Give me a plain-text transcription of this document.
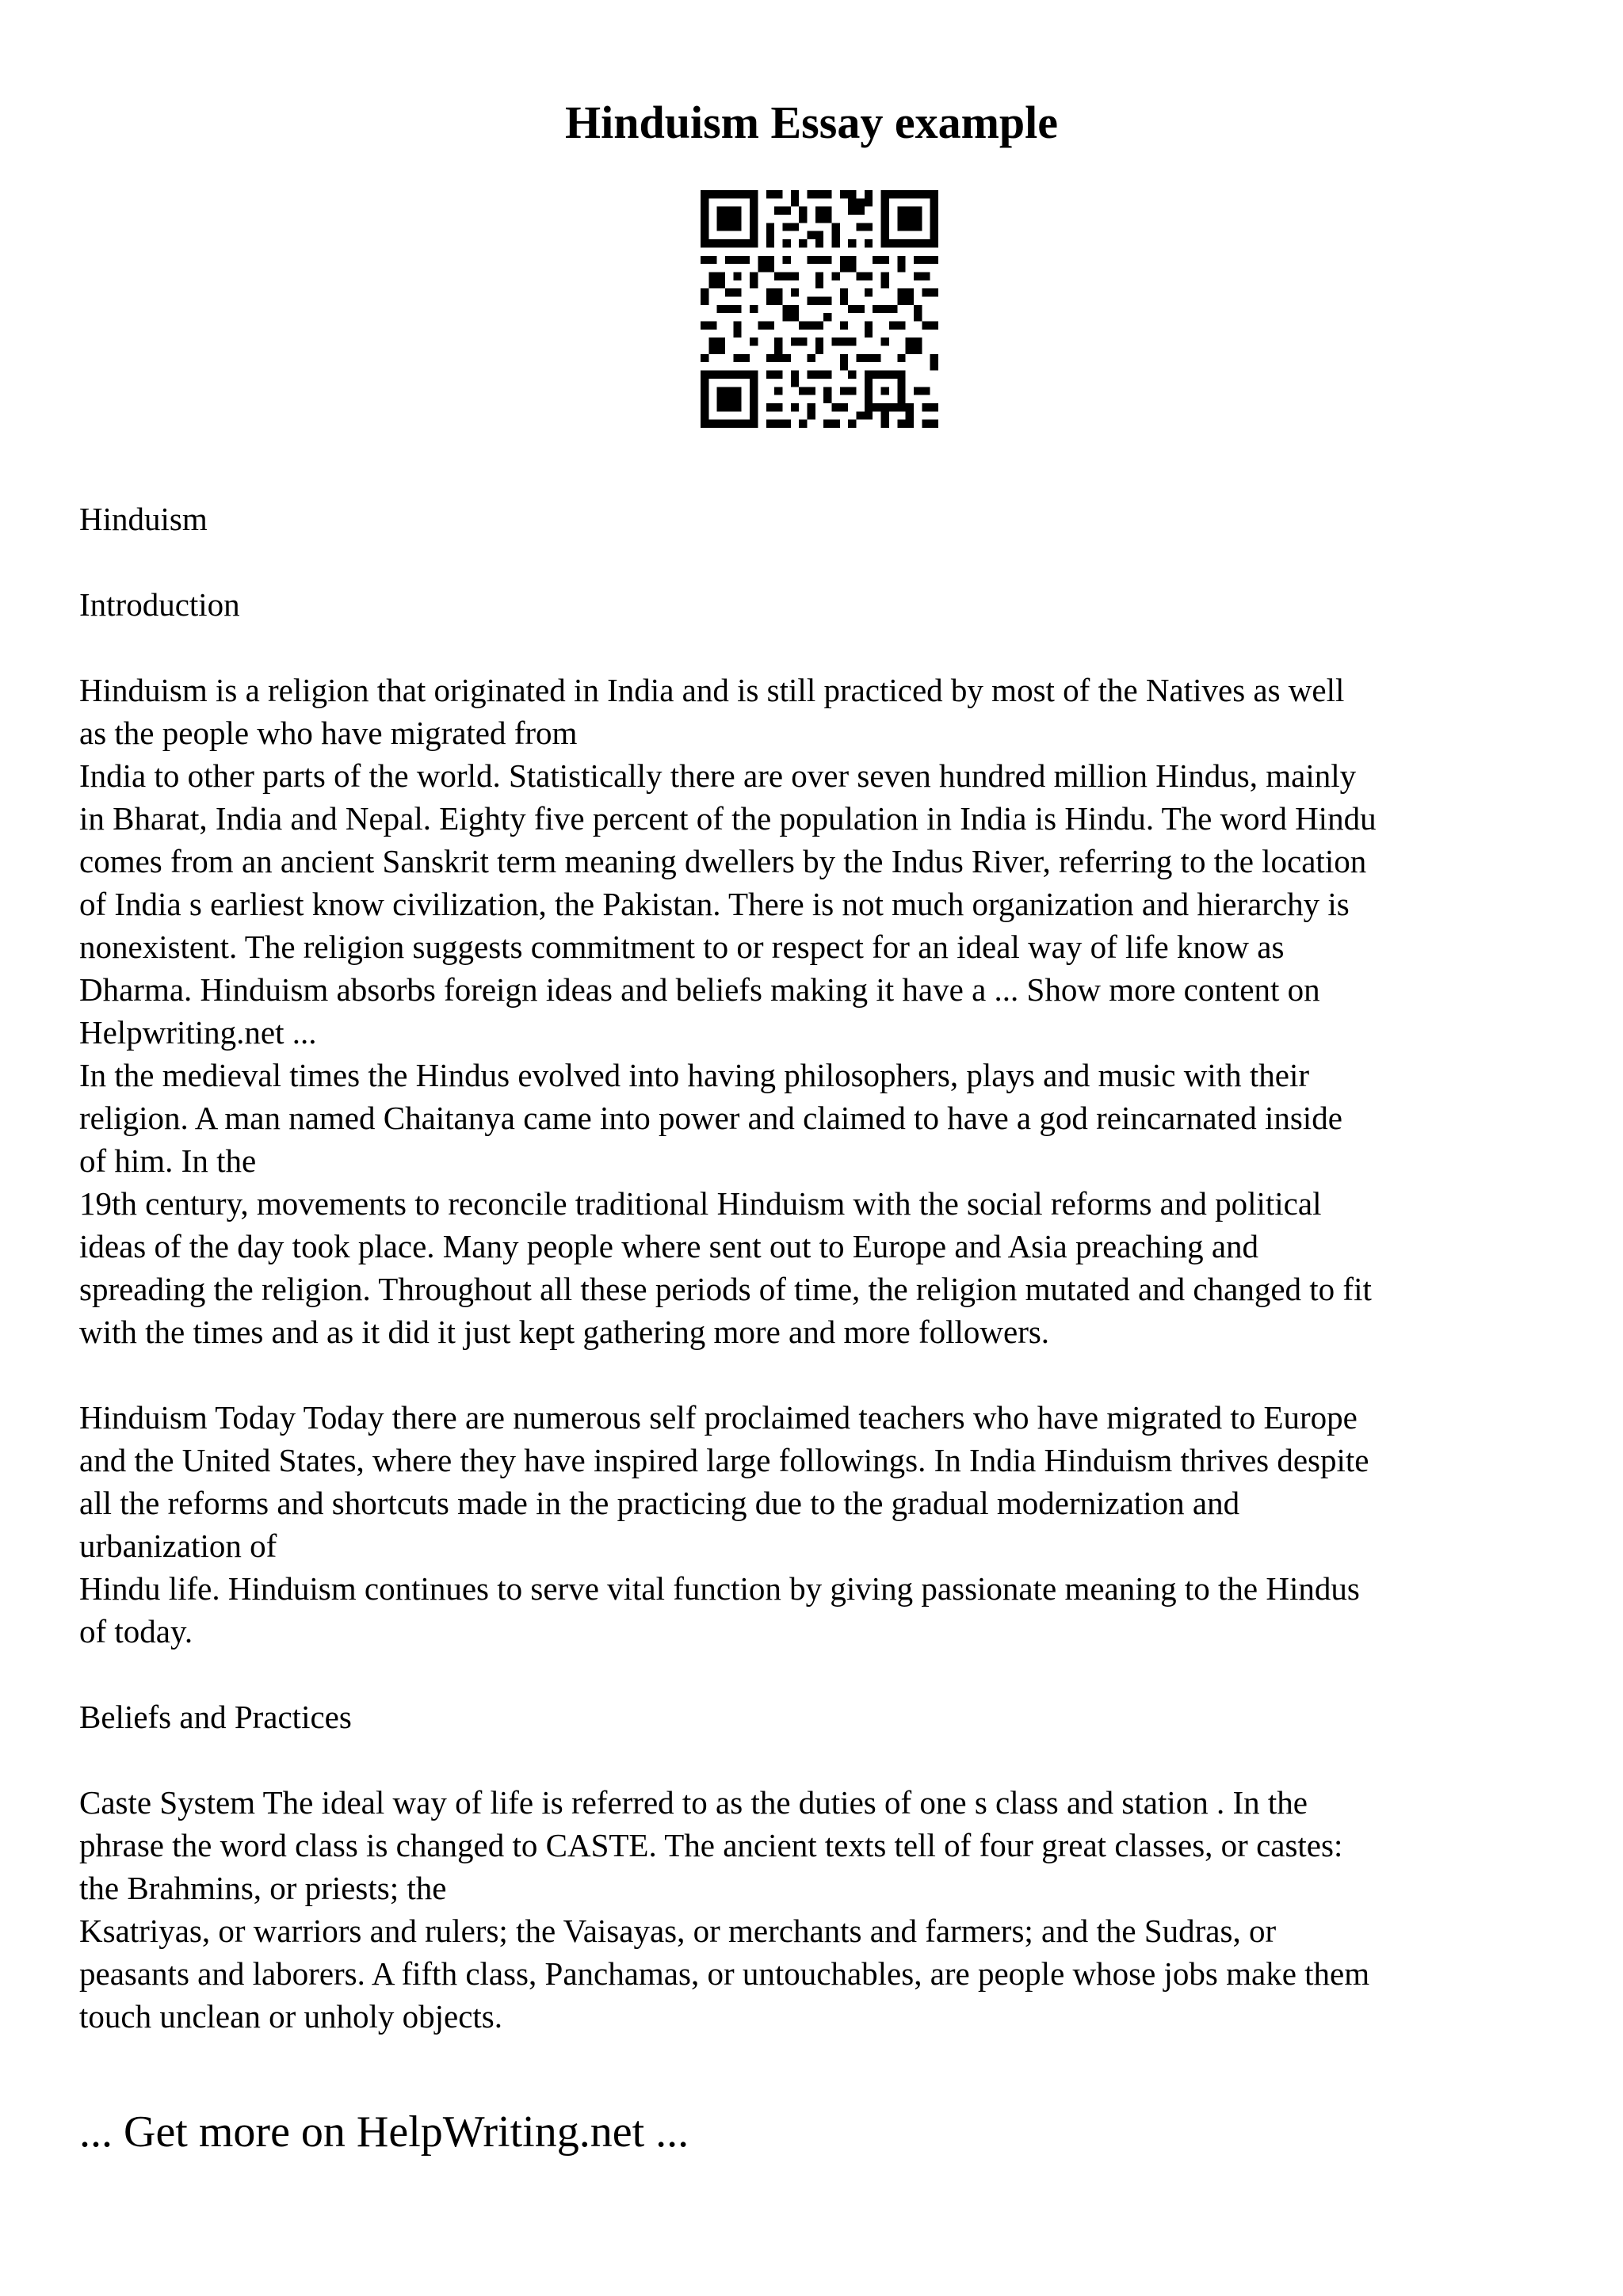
Hinduism Essay example

Hinduism

Introduction

Hinduism is a religion that originated in India and is still practiced by most of the Natives as well

as the people who have migrated from

India to other parts of the world. Statistically there are over seven hundred million Hindus, mainly

in Bharat, India and Nepal. Eighty five percent of the population in India is Hindu. The word Hindu

comes from an ancient Sanskrit term meaning dwellers by the Indus River, referring to the location

of India s earliest know civilization, the Pakistan. There is not much organization and hierarchy is

nonexistent. The religion suggests commitment to or respect for an ideal way of life know as

Dharma. Hinduism absorbs foreign ideas and beliefs making it have a ... Show more content on

Helpwriting.net ...

In the medieval times the Hindus evolved into having philosophers, plays and music with their

religion. A man named Chaitanya came into power and claimed to have a god reincarnated inside

of him. In the

19th century, movements to reconcile traditional Hinduism with the social reforms and political

ideas of the day took place. Many people where sent out to Europe and Asia preaching and

spreading the religion. Throughout all these periods of time, the religion mutated and changed to fit

with the times and as it did it just kept gathering more and more followers.

Hinduism Today Today there are numerous self proclaimed teachers who have migrated to Europe

and the United States, where they have inspired large followings. In India Hinduism thrives despite

all the reforms and shortcuts made in the practicing due to the gradual modernization and

urbanization of

Hindu life. Hinduism continues to serve vital function by giving passionate meaning to the Hindus

of today.

Beliefs and Practices

Caste System The ideal way of life is referred to as the duties of one s class and station . In the

phrase the word class is changed to CASTE. The ancient texts tell of four great classes, or castes:

the Brahmins, or priests; the

Ksatriyas, or warriors and rulers; the Vaisayas, or merchants and farmers; and the Sudras, or

peasants and laborers. A fifth class, Panchamas, or untouchables, are people whose jobs make them

touch unclean or unholy objects.

... Get more on HelpWriting.net ...
